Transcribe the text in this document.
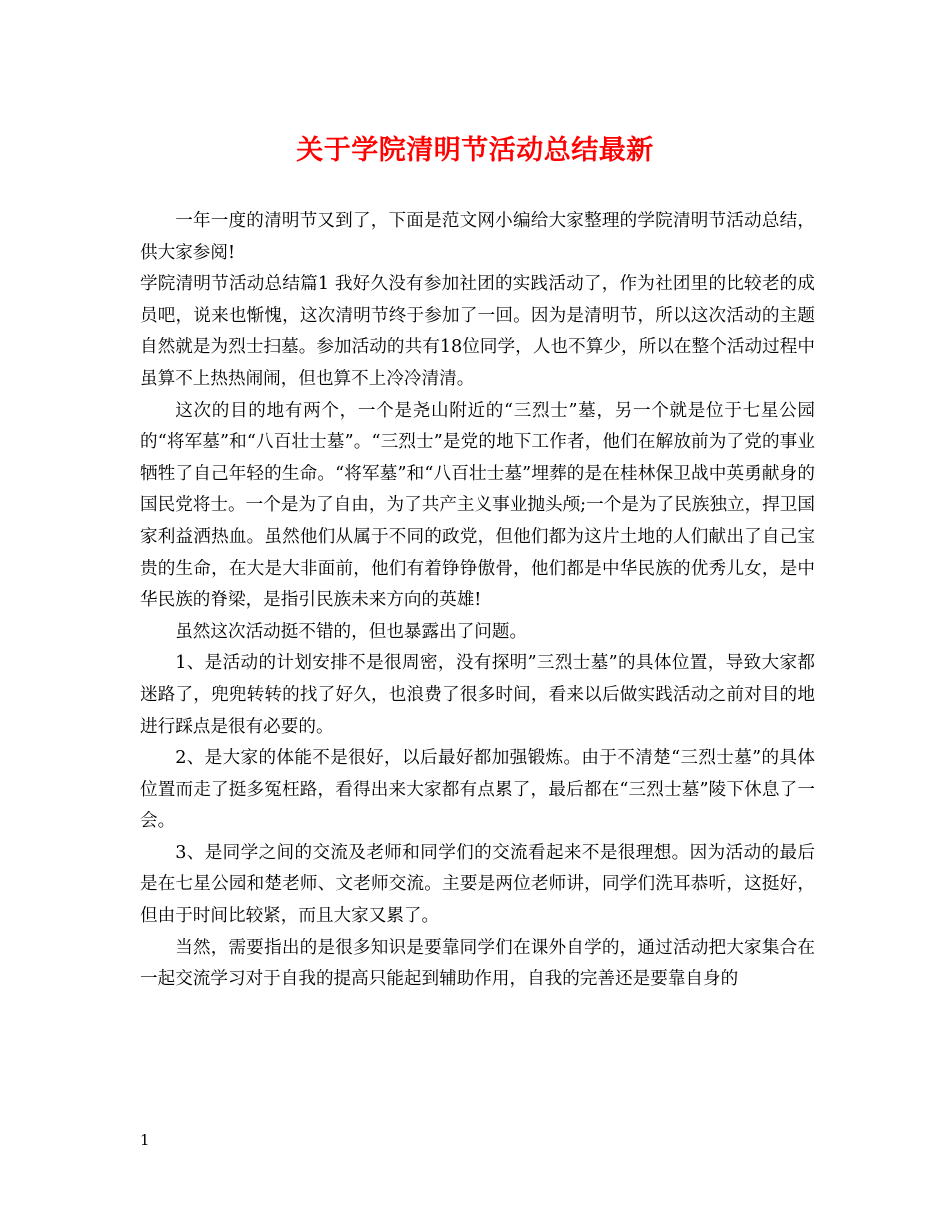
关于学院清明节活动总结最新

一年一度的清明节又到了，下面是范文网小编给大家整理的学院清明节活动总结，供大家参阅!

学院清明节活动总结篇1 我好久没有参加社团的实践活动了，作为社团里的比较老的成员吧，说来也惭愧，这次清明节终于参加了一回。因为是清明节，所以这次活动的主题自然就是为烈士扫墓。参加活动的共有18位同学，人也不算少，所以在整个活动过程中虽算不上热热闹闹，但也算不上冷冷清清。

这次的目的地有两个，一个是尧山附近的“三烈士”墓，另一个就是位于七星公园的“将军墓”和“八百壮士墓”。“三烈士”是党的地下工作者，他们在解放前为了党的事业牺牲了自己年轻的生命。“将军墓”和“八百壮士墓”埋葬的是在桂林保卫战中英勇献身的国民党将士。一个是为了自由，为了共产主义事业抛头颅;一个是为了民族独立，捍卫国家利益洒热血。虽然他们从属于不同的政党，但他们都为这片土地的人们献出了自己宝贵的生命，在大是大非面前，他们有着铮铮傲骨，他们都是中华民族的优秀儿女，是中华民族的脊梁，是指引民族未来方向的英雄!

虽然这次活动挺不错的，但也暴露出了问题。

1、是活动的计划安排不是很周密，没有探明”三烈士墓”的具体位置，导致大家都迷路了，兜兜转转的找了好久，也浪费了很多时间，看来以后做实践活动之前对目的地进行踩点是很有必要的。

2、是大家的体能不是很好，以后最好都加强锻炼。由于不清楚“三烈士墓”的具体位置而走了挺多冤枉路，看得出来大家都有点累了，最后都在“三烈士墓”陵下休息了一会。

3、是同学之间的交流及老师和同学们的交流看起来不是很理想。因为活动的最后是在七星公园和楚老师、文老师交流。主要是两位老师讲，同学们洗耳恭听，这挺好，但由于时间比较紧，而且大家又累了。

当然，需要指出的是很多知识是要靠同学们在课外自学的，通过活动把大家集合在一起交流学习对于自我的提高只能起到辅助作用，自我的完善还是要靠自身的

1
